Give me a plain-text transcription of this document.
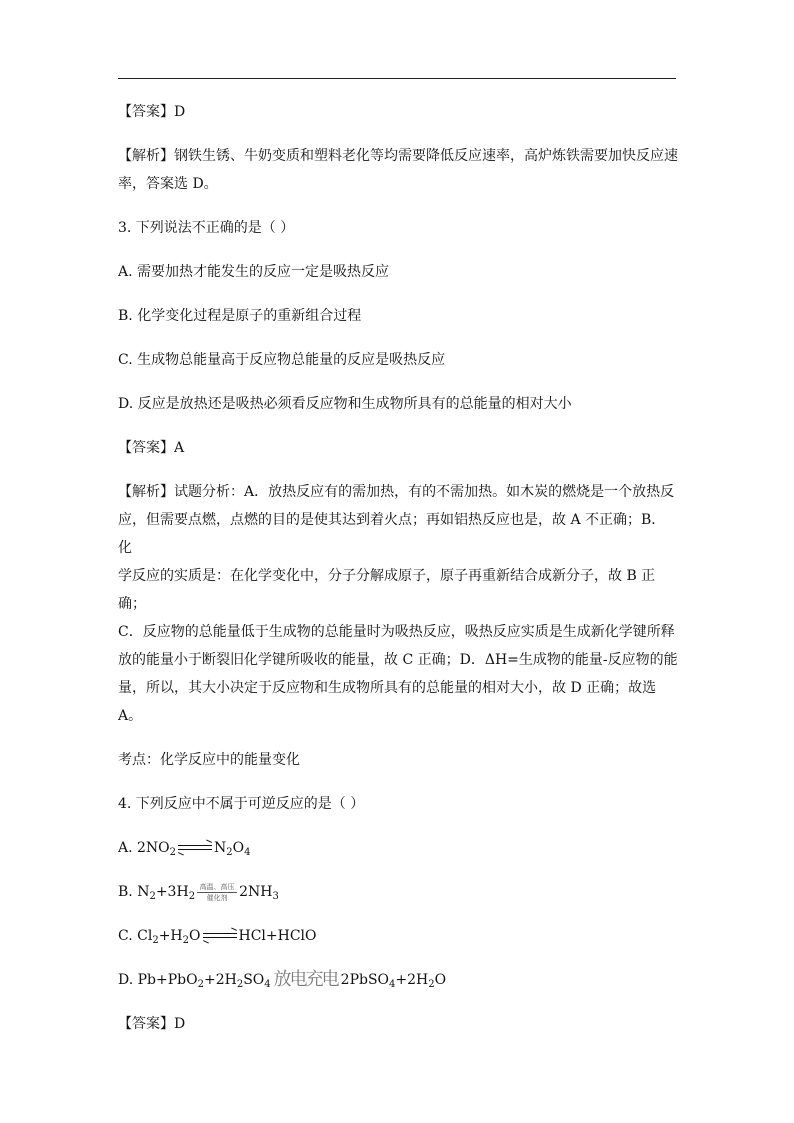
【答案】D

【解析】钢铁生锈、牛奶变质和塑料老化等均需要降低反应速率，高炉炼铁需要加快反应速

率，答案选 D。

3. 下列说法不正确的是（ ）

A. 需要加热才能发生的反应一定是吸热反应

B. 化学变化过程是原子的重新组合过程

C. 生成物总能量高于反应物总能量的反应是吸热反应

D. 反应是放热还是吸热必须看反应物和生成物所具有的总能量的相对大小

【答案】A

【解析】试题分析：A．放热反应有的需加热，有的不需加热。如木炭的燃烧是一个放热反

应，但需要点燃，点燃的目的是使其达到着火点；再如铝热反应也是，故 A 不正确；B．化

学反应的实质是：在化学变化中，分子分解成原子，原子再重新结合成新分子，故 B 正确；

C．反应物的总能量低于生成物的总能量时为吸热反应，吸热反应实质是生成新化学键所释

放的能量小于断裂旧化学键所吸收的能量，故 C 正确；D．ΔH=生成物的能量-反应物的能

量，所以，其大小决定于反应物和生成物所具有的总能量的相对大小，故 D 正确；故选 A。

考点：化学反应中的能量变化

4. 下列反应中不属于可逆反应的是（ ）

A. $2NO_2 \to N_2O_4$

B. $N_2+3H_2$
高温、高压
催化剂 $2NH_3$

C. $Cl_2+H_2O$ → HCl+HClO

D. $Pb+PbO_2+2H_2SO_4$ 放电充电 $2PbSO_4+2H_2O$

【答案】D
